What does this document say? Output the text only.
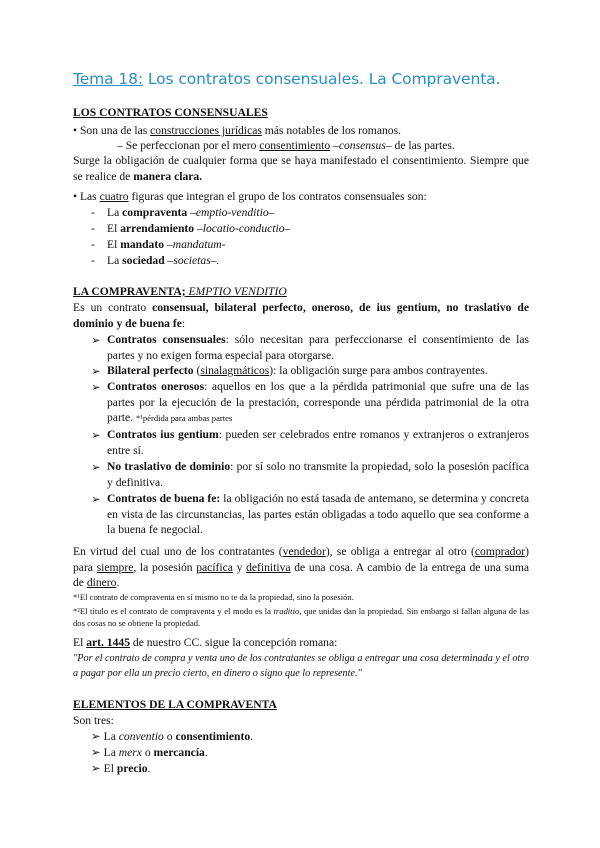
Tema 18: Los contratos consensuales. La Compraventa.
LOS CONTRATOS CONSENSUALES
• Son una de las construcciones jurídicas más notables de los romanos.
– Se perfeccionan por el mero consentimiento –consensus– de las partes.
Surge la obligación de cualquier forma que se haya manifestado el consentimiento. Siempre que se realice de manera clara.
• Las cuatro figuras que integran el grupo de los contratos consensuales son:
- La compraventa –emptio-venditio–
- El arrendamiento –locatio-conductio–
- El mandato –mandatum-
- La sociedad –societas–.
LA COMPRAVENTA; EMPTIO VENDITIO
Es un contrato consensual, bilateral perfecto, oneroso, de ius gentium, no traslativo de dominio y de buena fe:
➢ Contratos consensuales: sólo necesitan para perfeccionarse el consentimiento de las partes y no exigen forma especial para otorgarse.
➢ Bilateral perfecto (sinalagmáticos): la obligación surge para ambos contrayentes.
➢ Contratos onerosos: aquellos en los que a la pérdida patrimonial que sufre una de las partes por la ejecución de la prestación, corresponde una pérdida patrimonial de la otra parte. *¹pérdida para ambas partes
➢ Contratos ius gentium: pueden ser celebrados entre romanos y extranjeros o extranjeros entre sí.
➢ No traslativo de dominio: por sí solo no transmite la propiedad, solo la posesión pacífica y definitiva.
➢ Contratos de buena fe: la obligación no está tasada de antemano, se determina y concreta en vista de las circunstancias, las partes están obligadas a todo aquello que sea conforme a la buena fe negocial.
En virtud del cual uno de los contratantes (vendedor), se obliga a entregar al otro (comprador) para siempre, la posesión pacífica y definitiva de una cosa. A cambio de la entrega de una suma de dinero.
*¹El contrato de compraventa en sí mismo no te da la propiedad, sino la posesión.
*²El título es el contrato de compraventa y el modo es la traditio, que unidas dan la propiedad. Sin embargo si fallan alguna de las dos cosas no se obtiene la propiedad.
El art. 1445 de nuestro CC. sigue la concepción romana:
"Por el contrato de compra y venta uno de los contratantes se obliga a entregar una cosa determinada y el otro a pagar por ella un precio cierto, en dinero o signo que lo represente."
ELEMENTOS DE LA COMPRAVENTA
Son tres:
➢ La conventio o consentimiento.
➢ La merx o mercancía.
➢ El precio.
